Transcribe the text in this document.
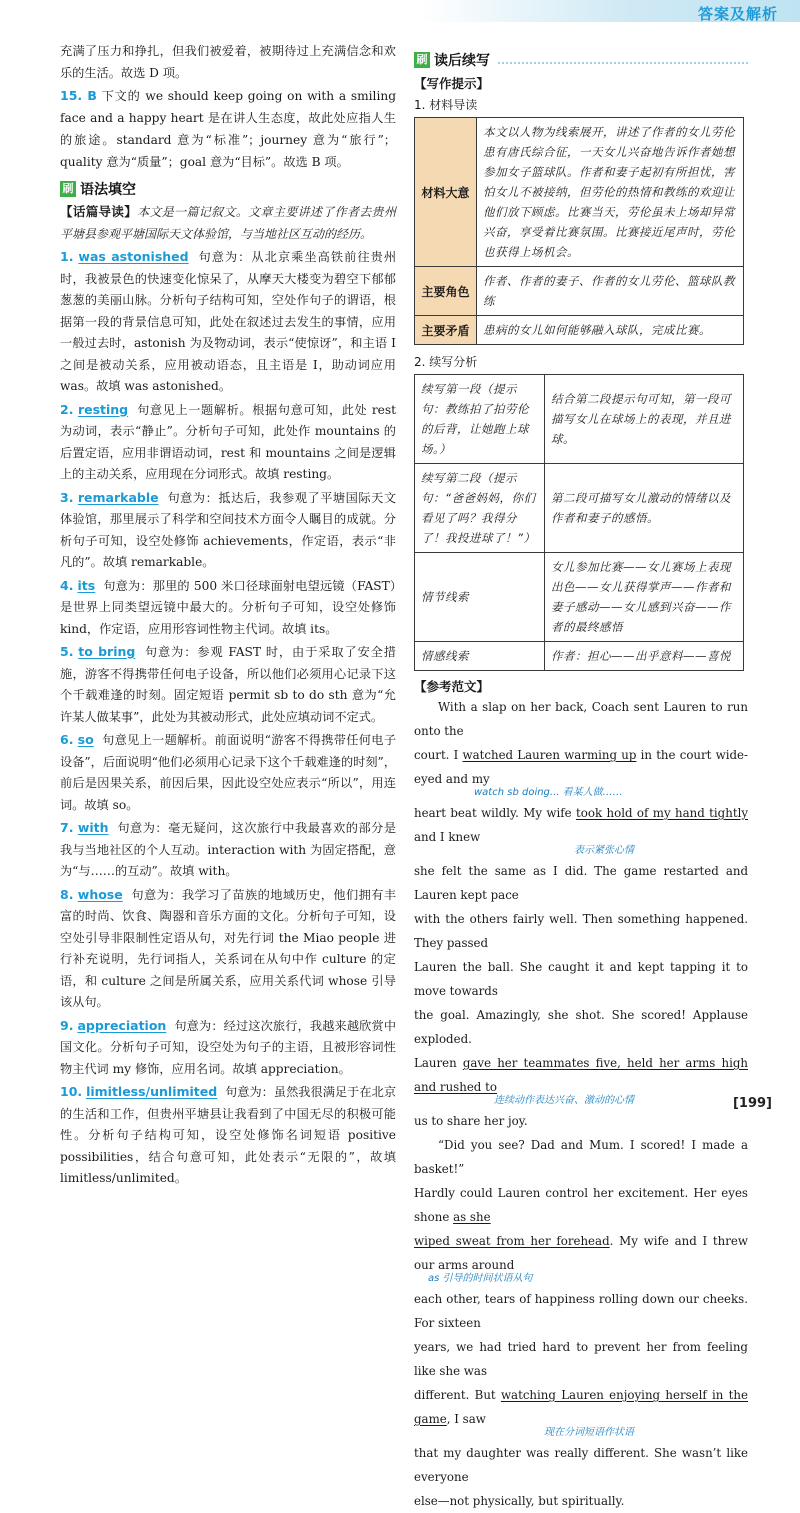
答案及解析

充满了压力和挣扎，但我们被爱着，被期待过上充满信念和欢乐的生活。故选 D 项。

15. B 下文的 we should keep going on with a smiling face and a happy heart 是在讲人生态度，故此处应指人生的旅途。standard 意为“标准”；journey 意为“旅行”；quality 意为“质量”；goal 意为“目标”。故选 B 项。

刷 语法填空

【话篇导读】本文是一篇记叙文。文章主要讲述了作者去贵州平塘县参观平塘国际天文体验馆，与当地社区互动的经历。

1. was astonished 句意为：从北京乘坐高铁前往贵州时，我被景色的快速变化惊呆了，从摩天大楼变为碧空下郁郁葱葱的美丽山脉。分析句子结构可知，空处作句子的谓语，根据第一段的背景信息可知，此处在叙述过去发生的事情，应用一般过去时，astonish 为及物动词，表示“使惊讶”，和主语 I 之间是被动关系，应用被动语态，且主语是 I，助动词应用 was。故填 was astonished。

2. resting 句意见上一题解析。根据句意可知，此处 rest 为动词，表示“静止”。分析句子可知，此处作 mountains 的后置定语，应用非谓语动词，rest 和 mountains 之间是逻辑上的主动关系，应用现在分词形式。故填 resting。

3. remarkable 句意为：抵达后，我参观了平塘国际天文体验馆，那里展示了科学和空间技术方面令人瞩目的成就。分析句子可知，设空处修饰 achievements，作定语，表示“非凡的”。故填 remarkable。

4. its 句意为：那里的 500 米口径球面射电望远镜（FAST）是世界上同类望远镜中最大的。分析句子可知，设空处修饰 kind，作定语，应用形容词性物主代词。故填 its。

5. to bring 句意为：参观 FAST 时，由于采取了安全措施，游客不得携带任何电子设备，所以他们必须用心记录下这个千载难逢的时刻。固定短语 permit sb to do sth 意为“允许某人做某事”，此处为其被动形式，此处应填动词不定式。

6. so 句意见上一题解析。前面说明“游客不得携带任何电子设备”，后面说明“他们必须用心记录下这个千载难逢的时刻”，前后是因果关系，前因后果，因此设空处应表示“所以”，用连词。故填 so。

7. with 句意为：毫无疑问，这次旅行中我最喜欢的部分是我与当地社区的个人互动。interaction with 为固定搭配，意为“与……的互动”。故填 with。

8. whose 句意为：我学习了苗族的地域历史，他们拥有丰富的时尚、饮食、陶器和音乐方面的文化。分析句子可知，设空处引导非限制性定语从句，对先行词 the Miao people 进行补充说明，先行词指人，关系词在从句中作 culture 的定语，和 culture 之间是所属关系，应用关系代词 whose 引导该从句。

9. appreciation 句意为：经过这次旅行，我越来越欣赏中国文化。分析句子可知，设空处为句子的主语，且被形容词性物主代词 my 修饰，应用名词。故填 appreciation。

10. limitless/unlimited 句意为：虽然我很满足于在北京的生活和工作，但贵州平塘县让我看到了中国无尽的积极可能性。分析句子结构可知，设空处修饰名词短语 positive possibilities，结合句意可知，此处表示“无限的”，故填 limitless/unlimited。

刷 读后续写
【写作提示】
1. 材料导读
材料大意	本文以人物为线索展开，讲述了作者的女儿劳伦患有唐氏综合征，一天女儿兴奋地告诉作者她想参加女子篮球队。作者和妻子起初有所担忧，害怕女儿不被接纳，但劳伦的热情和教练的欢迎让他们放下顾虑。比赛当天，劳伦虽未上场却异常兴奋，享受着比赛氛围。比赛接近尾声时，劳伦也获得上场机会。
主要角色	作者、作者的妻子、作者的女儿劳伦、篮球队教练
主要矛盾	患病的女儿如何能够融入球队，完成比赛。
2. 续写分析
续写第一段（提示句：教练拍了拍劳伦的后背，让她跑上球场。）	结合第二段提示句可知，第一段可描写女儿在球场上的表现，并且进球。
续写第二段（提示句：“爸爸妈妈，你们看见了吗？我得分了！我投进球了！”）	第二段可描写女儿激动的情绪以及作者和妻子的感悟。
情节线索	女儿参加比赛——女儿赛场上表现出色——女儿获得掌声——作者和妻子感动——女儿感到兴奋——作者的最终感悟
情感线索	作者：担心——出乎意料——喜悦
【参考范文】
With a slap on her back, Coach sent Lauren to run onto the
court. I watched Lauren warming up in the court wide-eyed and my
watch sb doing... 看某人做……
heart beat wildly. My wife took hold of my hand tightly and I knew
表示紧张心情
she felt the same as I did. The game restarted and Lauren kept pace
with the others fairly well. Then something happened. They passed
Lauren the ball. She caught it and kept tapping it to move towards
the goal. Amazingly, she shot. She scored! Applause exploded.
Lauren gave her teammates five, held her arms high and rushed to
连续动作表达兴奋、激动的心情
us to share her joy.
“Did you see? Dad and Mum. I scored! I made a basket!”
Hardly could Lauren control her excitement. Her eyes shone as she
wiped sweat from her forehead. My wife and I threw our arms around
as 引导的时间状语从句
each other, tears of happiness rolling down our cheeks. For sixteen
years, we had tried hard to prevent her from feeling like she was
different. But watching Lauren enjoying herself in the game, I saw
现在分词短语作状语
that my daughter was really different. She wasn’t like everyone
else—not physically, but spiritually.
[199]
